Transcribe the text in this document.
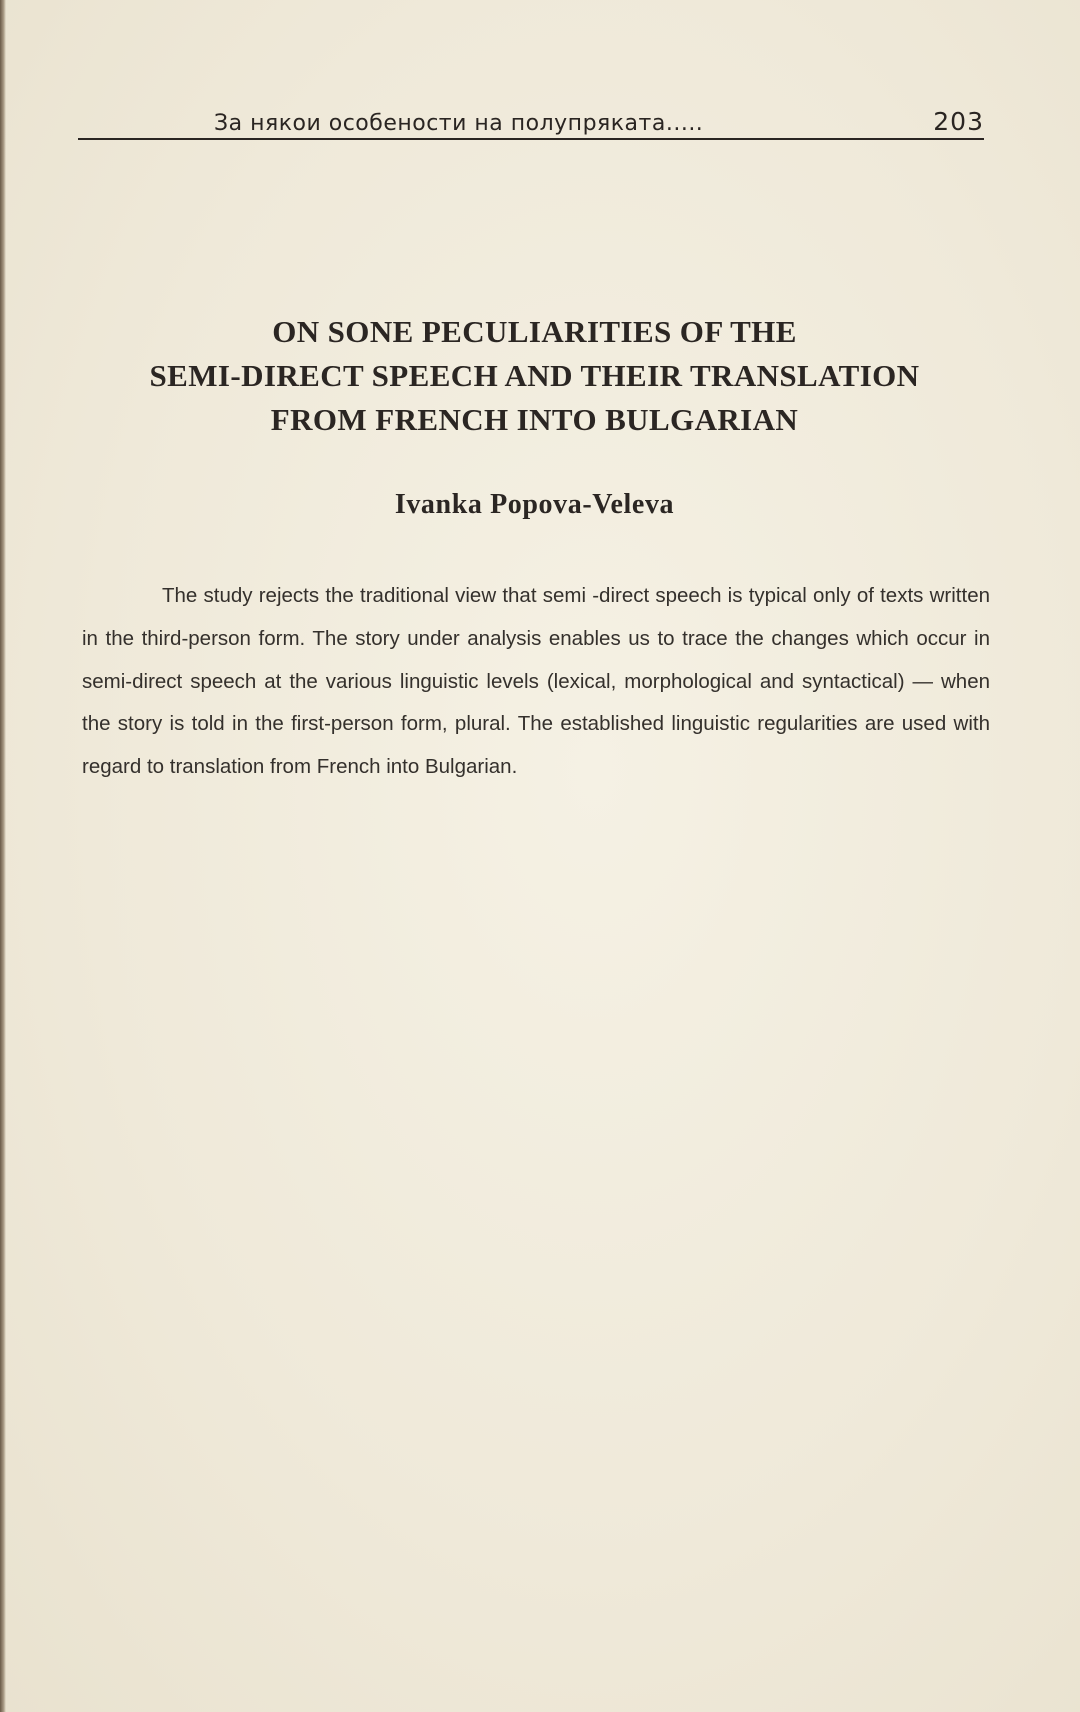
За някои особености на полупряката.....	203
ON SONE PECULIARITIES OF THE
SEMI-DIRECT SPEECH AND THEIR TRANSLATION
FROM FRENCH INTO BULGARIAN
Ivanka Popova-Veleva

The study rejects the traditional view that semi -direct speech is typical only of texts written in the third-person form. The story under analysis enables us to trace the changes which occur in semi-direct speech at the various linguistic levels (lexical, morphological and syntactical) — when the story is told in the first-person form, plural. The established linguistic regularities are used with regard to translation from French into Bulgarian.
